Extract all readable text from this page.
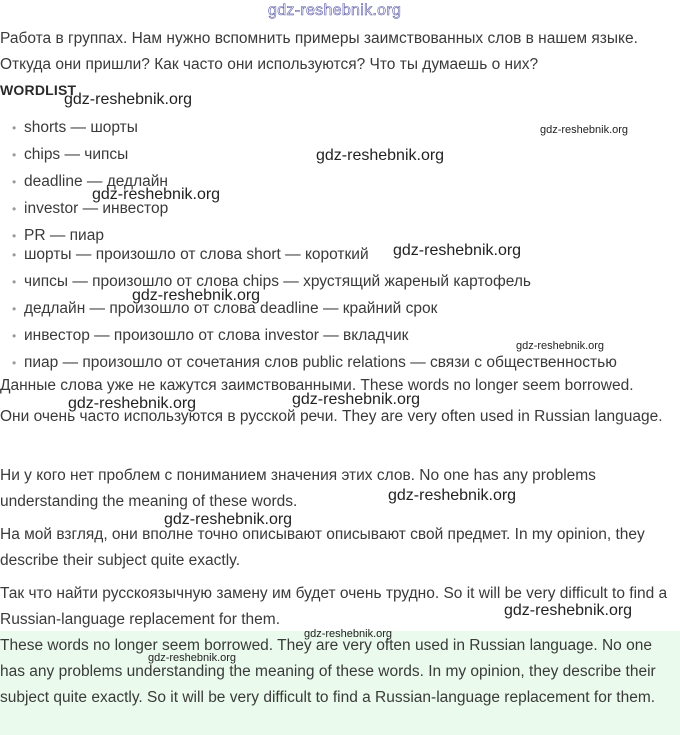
Работа в группах. Нам нужно вспомнить примеры заимствованных слов в нашем языке.
Откуда они пришли? Как часто они используются? Что ты думаешь о них?
WORDLIST
• shorts — шорты
• chips — чипсы
• deadline — дедлайн
• investor — инвестор
• PR — пиар
• шорты — произошло от слова short — короткий
• чипсы — произошло от слова chips — хрустящий жареный картофель
• дедлайн — произошло от слова deadline — крайний срок
• инвестор — произошло от слова investor — вкладчик
• пиар — произошло от сочетания слов public relations — связи с общественностью
Данные слова уже не кажутся заимствованными. These words no longer seem borrowed.
Они очень часто используются в русской речи. They are very often used in Russian language.
Ни у кого нет проблем с пониманием значения этих слов. No one has any problems understanding the meaning of these words.
На мой взгляд, они вполне точно описывают описывают свой предмет. In my opinion, they describe their subject quite exactly.
Так что найти русскоязычную замену им будет очень трудно. So it will be very difficult to find a Russian-language replacement for them.
These words no longer seem borrowed. They are very often used in Russian language. No one has any problems understanding the meaning of these words. In my opinion, they describe their subject quite exactly. So it will be very difficult to find a Russian-language replacement for them.
gdz-reshebnik.org
gdz-reshebnik.org
gdz-reshebnik.org
gdz-reshebnik.org
gdz-reshebnik.org
gdz-reshebnik.org
gdz-reshebnik.org
gdz-reshebnik.org
gdz-reshebnik.org	gdz-reshebnik.org
gdz-reshebnik.org
gdz-reshebnik.org
gdz-reshebnik.org
gdz-reshebnik.org
gdz-reshebnik.org
